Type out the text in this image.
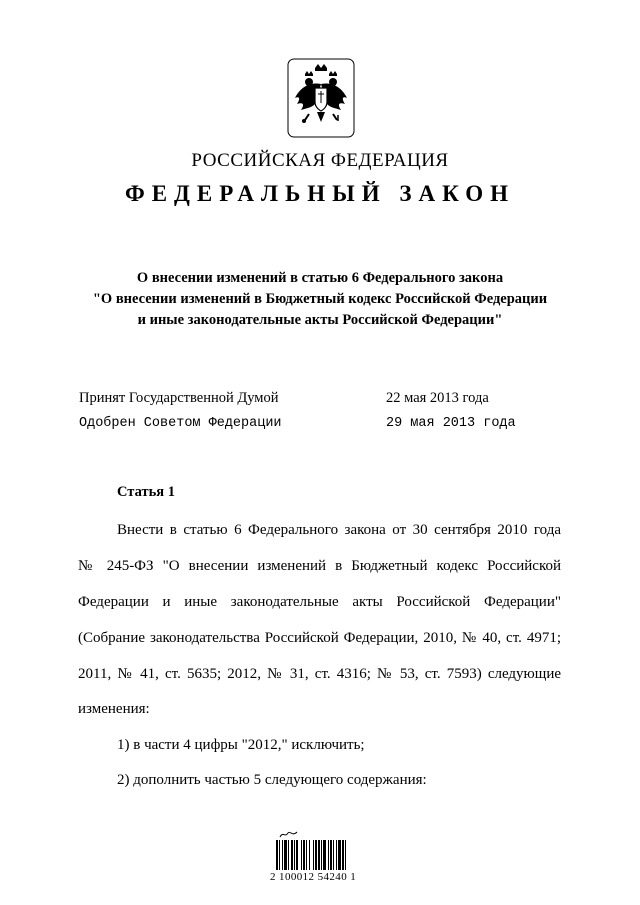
РОССИЙСКАЯ ФЕДЕРАЦИЯ
ФЕДЕРАЛЬНЫЙ ЗАКОН
О внесении изменений в статью 6 Федерального закона
"О внесении изменений в Бюджетный кодекс Российской Федерации
и иные законодательные акты Российской Федерации"
Принят Государственной Думой	22 мая 2013 года
Одобрен Советом Федерации	29 мая 2013 года
Статья 1
Внести в статью 6 Федерального закона от 30 сентября 2010 года
№ 245-ФЗ "О внесении изменений в Бюджетный кодекс Российской
Федерации и иные законодательные акты Российской Федерации"
(Собрание законодательства Российской Федерации, 2010, № 40, ст. 4971;
2011, № 41, ст. 5635; 2012, № 31, ст. 4316; № 53, ст. 7593) следующие
изменения:
1) в части 4 цифры "2012," исключить;
2) дополнить частью 5 следующего содержания:
2 100012 54240 1
